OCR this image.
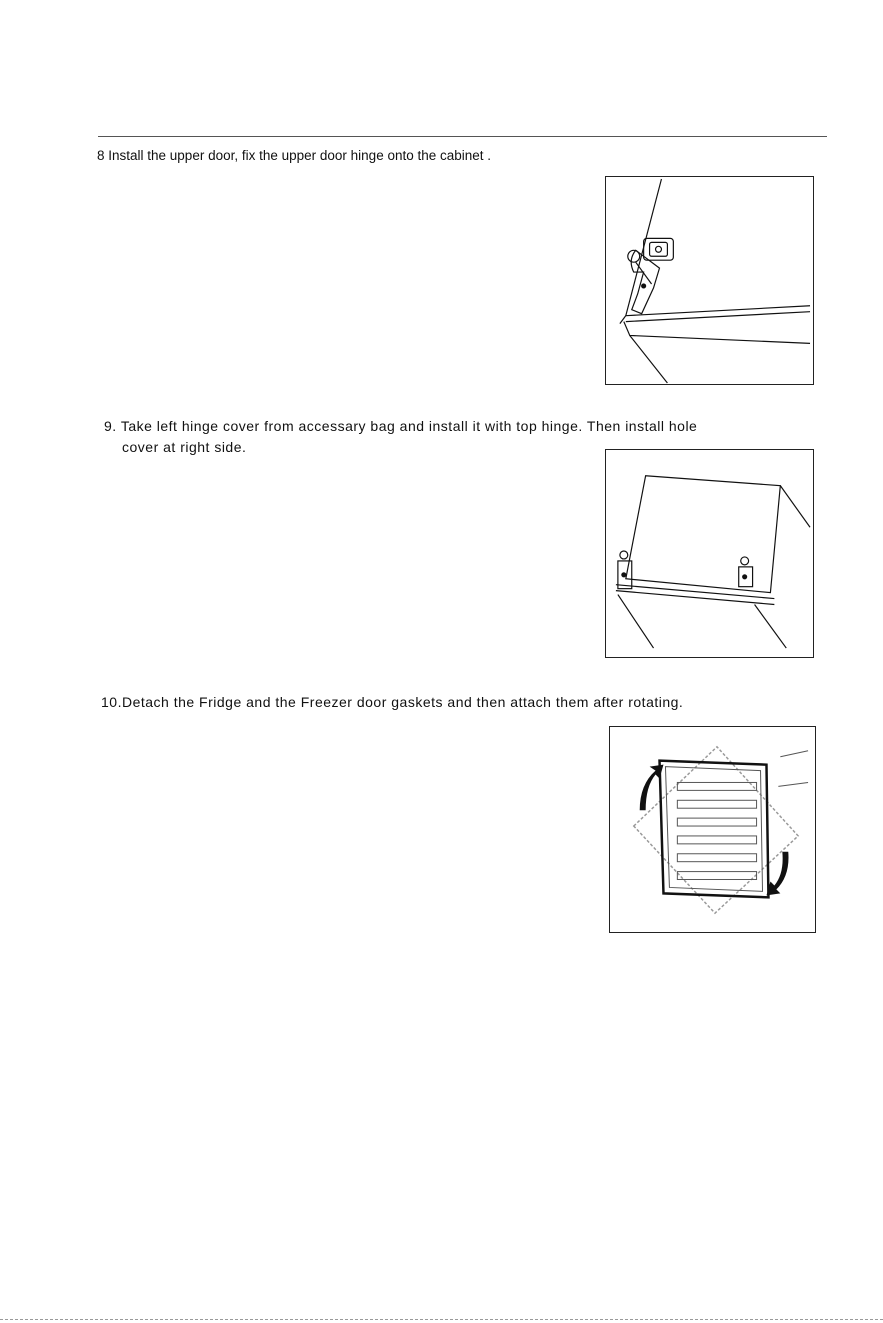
8 Install the upper door, fix the upper door hinge onto the cabinet .
9. Take left hinge cover from accessary bag and install it with top hinge. Then install hole
cover at right side.
10.Detach the Fridge and the Freezer door gaskets and then attach them after rotating.
